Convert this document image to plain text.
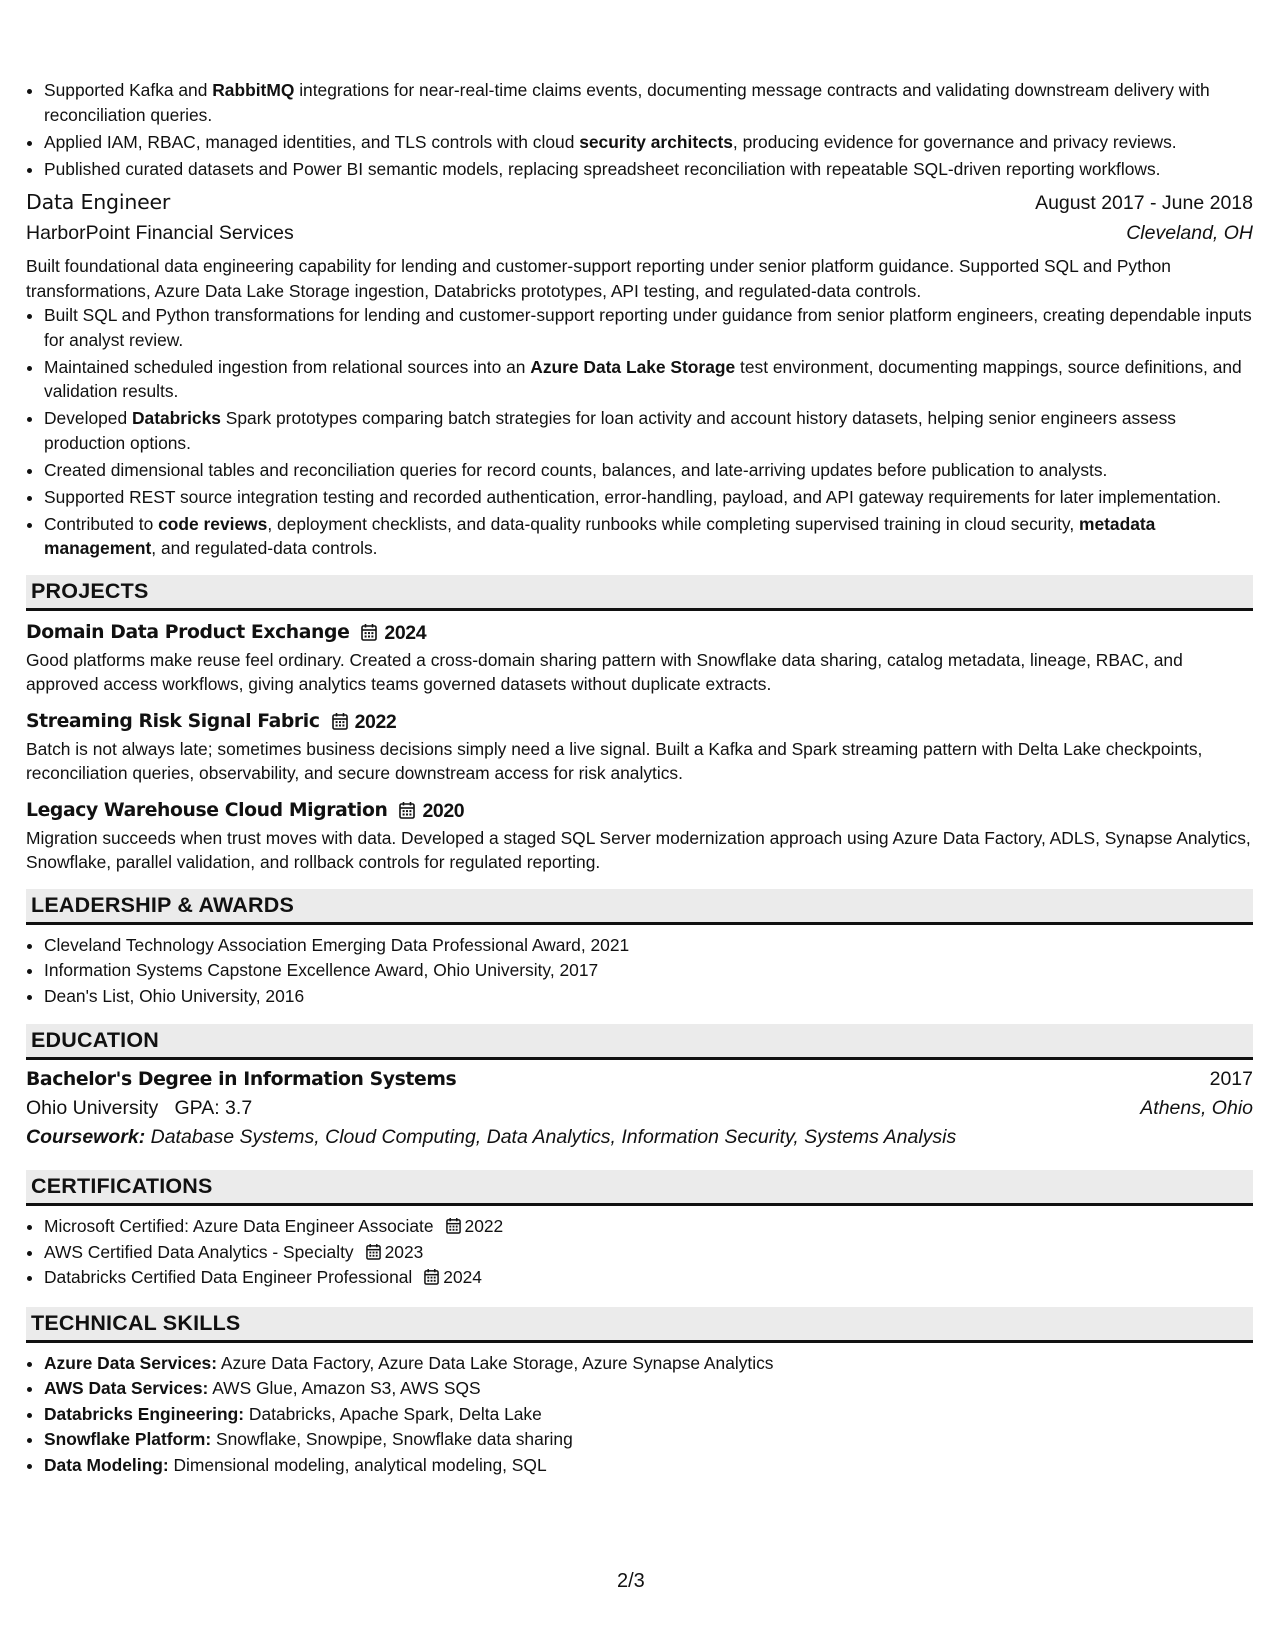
• Supported Kafka and RabbitMQ integrations for near-real-time claims events, documenting message contracts and validating downstream delivery with reconciliation queries.
• Applied IAM, RBAC, managed identities, and TLS controls with cloud security architects, producing evidence for governance and privacy reviews.
• Published curated datasets and Power BI semantic models, replacing spreadsheet reconciliation with repeatable SQL-driven reporting workflows.
Data Engineer	August 2017 - June 2018
HarborPoint Financial Services	Cleveland, OH

Built foundational data engineering capability for lending and customer-support reporting under senior platform guidance. Supported SQL and Python transformations, Azure Data Lake Storage ingestion, Databricks prototypes, API testing, and regulated-data controls.

• Built SQL and Python transformations for lending and customer-support reporting under guidance from senior platform engineers, creating dependable inputs for analyst review.
• Maintained scheduled ingestion from relational sources into an Azure Data Lake Storage test environment, documenting mappings, source definitions, and validation results.
• Developed Databricks Spark prototypes comparing batch strategies for loan activity and account history datasets, helping senior engineers assess production options.
• Created dimensional tables and reconciliation queries for record counts, balances, and late-arriving updates before publication to analysts.
• Supported REST source integration testing and recorded authentication, error-handling, payload, and API gateway requirements for later implementation.
• Contributed to code reviews, deployment checklists, and data-quality runbooks while completing supervised training in cloud security, metadata management, and regulated-data controls.
PROJECTS
Domain Data Product Exchange 2024

Good platforms make reuse feel ordinary. Created a cross-domain sharing pattern with Snowflake data sharing, catalog metadata, lineage, RBAC, and approved access workflows, giving analytics teams governed datasets without duplicate extracts.

Streaming Risk Signal Fabric 2022

Batch is not always late; sometimes business decisions simply need a live signal. Built a Kafka and Spark streaming pattern with Delta Lake checkpoints, reconciliation queries, observability, and secure downstream access for risk analytics.

Legacy Warehouse Cloud Migration 2020

Migration succeeds when trust moves with data. Developed a staged SQL Server modernization approach using Azure Data Factory, ADLS, Synapse Analytics, Snowflake, parallel validation, and rollback controls for regulated reporting.

LEADERSHIP & AWARDS
• Cleveland Technology Association Emerging Data Professional Award, 2021
• Information Systems Capstone Excellence Award, Ohio University, 2017
• Dean's List, Ohio University, 2016
EDUCATION
Bachelor's Degree in Information Systems	2017
Ohio University GPA: 3.7	Athens, Ohio
Coursework: Database Systems, Cloud Computing, Data Analytics, Information Security, Systems Analysis
CERTIFICATIONS
• Microsoft Certified: Azure Data Engineer Associate 2022
• AWS Certified Data Analytics - Specialty 2023
• Databricks Certified Data Engineer Professional 2024
TECHNICAL SKILLS
• Azure Data Services: Azure Data Factory, Azure Data Lake Storage, Azure Synapse Analytics
• AWS Data Services: AWS Glue, Amazon S3, AWS SQS
• Databricks Engineering: Databricks, Apache Spark, Delta Lake
• Snowflake Platform: Snowflake, Snowpipe, Snowflake data sharing
• Data Modeling: Dimensional modeling, analytical modeling, SQL
2/3
